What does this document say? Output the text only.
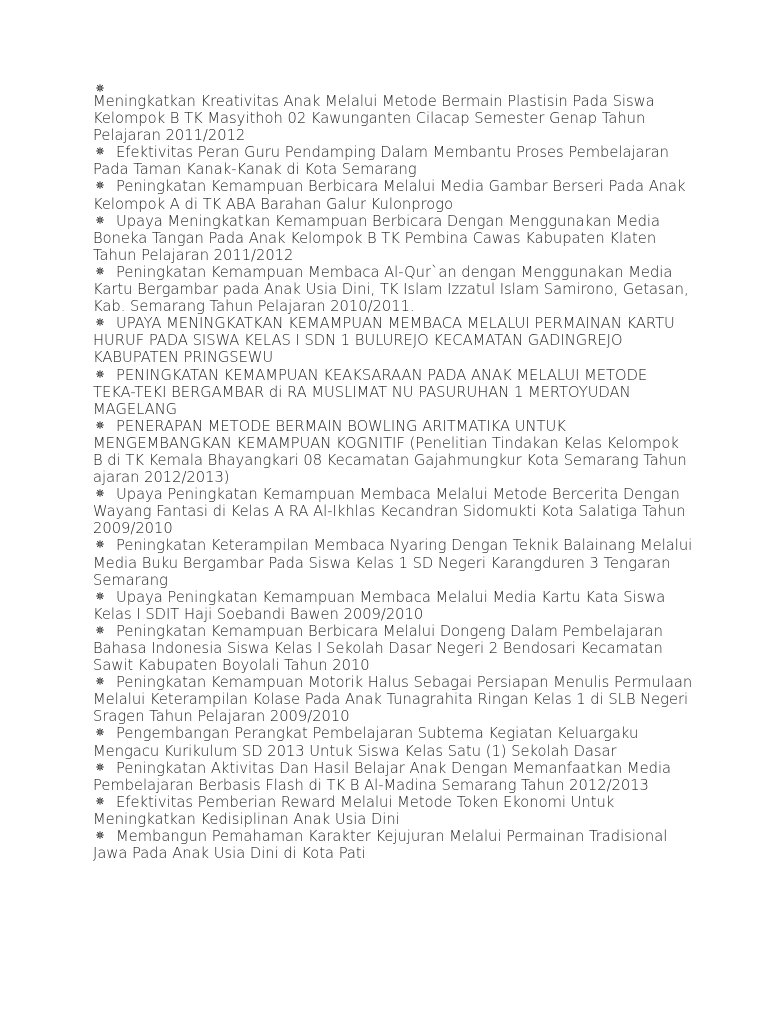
Meningkatkan Kreativitas Anak Melalui Metode Bermain Plastisin Pada Siswa Kelompok B TK Masyithoh 02 Kawunganten Cilacap Semester Genap Tahun Pelajaran 2011/2012
Efektivitas Peran Guru Pendamping Dalam Membantu Proses Pembelajaran Pada Taman Kanak-Kanak di Kota Semarang
Peningkatan Kemampuan Berbicara Melalui Media Gambar Berseri Pada Anak Kelompok A di TK ABA Barahan Galur Kulonprogo
Upaya Meningkatkan Kemampuan Berbicara Dengan Menggunakan Media Boneka Tangan Pada Anak Kelompok B TK Pembina Cawas Kabupaten Klaten Tahun Pelajaran 2011/2012
Peningkatan Kemampuan Membaca Al-Qur`an dengan Menggunakan Media Kartu Bergambar pada Anak Usia Dini, TK Islam Izzatul Islam Samirono, Getasan, Kab. Semarang Tahun Pelajaran 2010/2011.
UPAYA MENINGKATKAN KEMAMPUAN MEMBACA MELALUI PERMAINAN KARTU HURUF PADA SISWA KELAS I SDN 1 BULUREJO KECAMATAN GADINGREJO KABUPATEN PRINGSEWU
PENINGKATAN KEMAMPUAN KEAKSARAAN PADA ANAK MELALUI METODE TEKA-TEKI BERGAMBAR di RA MUSLIMAT NU PASURUHAN 1 MERTOYUDAN MAGELANG
PENERAPAN METODE BERMAIN BOWLING ARITMATIKA UNTUK MENGEMBANGKAN KEMAMPUAN KOGNITIF (Penelitian Tindakan Kelas Kelompok B di TK Kemala Bhayangkari 08 Kecamatan Gajahmungkur Kota Semarang Tahun ajaran 2012/2013)
Upaya Peningkatan Kemampuan Membaca Melalui Metode Bercerita Dengan Wayang Fantasi di Kelas A RA Al-Ikhlas Kecandran Sidomukti Kota Salatiga Tahun 2009/2010
Peningkatan Keterampilan Membaca Nyaring Dengan Teknik Balainang Melalui Media Buku Bergambar Pada Siswa Kelas 1 SD Negeri Karangduren 3 Tengaran Semarang
Upaya Peningkatan Kemampuan Membaca Melalui Media Kartu Kata Siswa Kelas I SDIT Haji Soebandi Bawen 2009/2010
Peningkatan Kemampuan Berbicara Melalui Dongeng Dalam Pembelajaran Bahasa Indonesia Siswa Kelas I Sekolah Dasar Negeri 2 Bendosari Kecamatan Sawit Kabupaten Boyolali Tahun 2010
Peningkatan Kemampuan Motorik Halus Sebagai Persiapan Menulis Permulaan Melalui Keterampilan Kolase Pada Anak Tunagrahita Ringan Kelas 1 di SLB Negeri Sragen Tahun Pelajaran 2009/2010
Pengembangan Perangkat Pembelajaran Subtema Kegiatan Keluargaku Mengacu Kurikulum SD 2013 Untuk Siswa Kelas Satu (1) Sekolah Dasar
Peningkatan Aktivitas Dan Hasil Belajar Anak Dengan Memanfaatkan Media Pembelajaran Berbasis Flash di TK B Al-Madina Semarang Tahun 2012/2013
Efektivitas Pemberian Reward Melalui Metode Token Ekonomi Untuk Meningkatkan Kedisiplinan Anak Usia Dini
Membangun Pemahaman Karakter Kejujuran Melalui Permainan Tradisional Jawa Pada Anak Usia Dini di Kota Pati
